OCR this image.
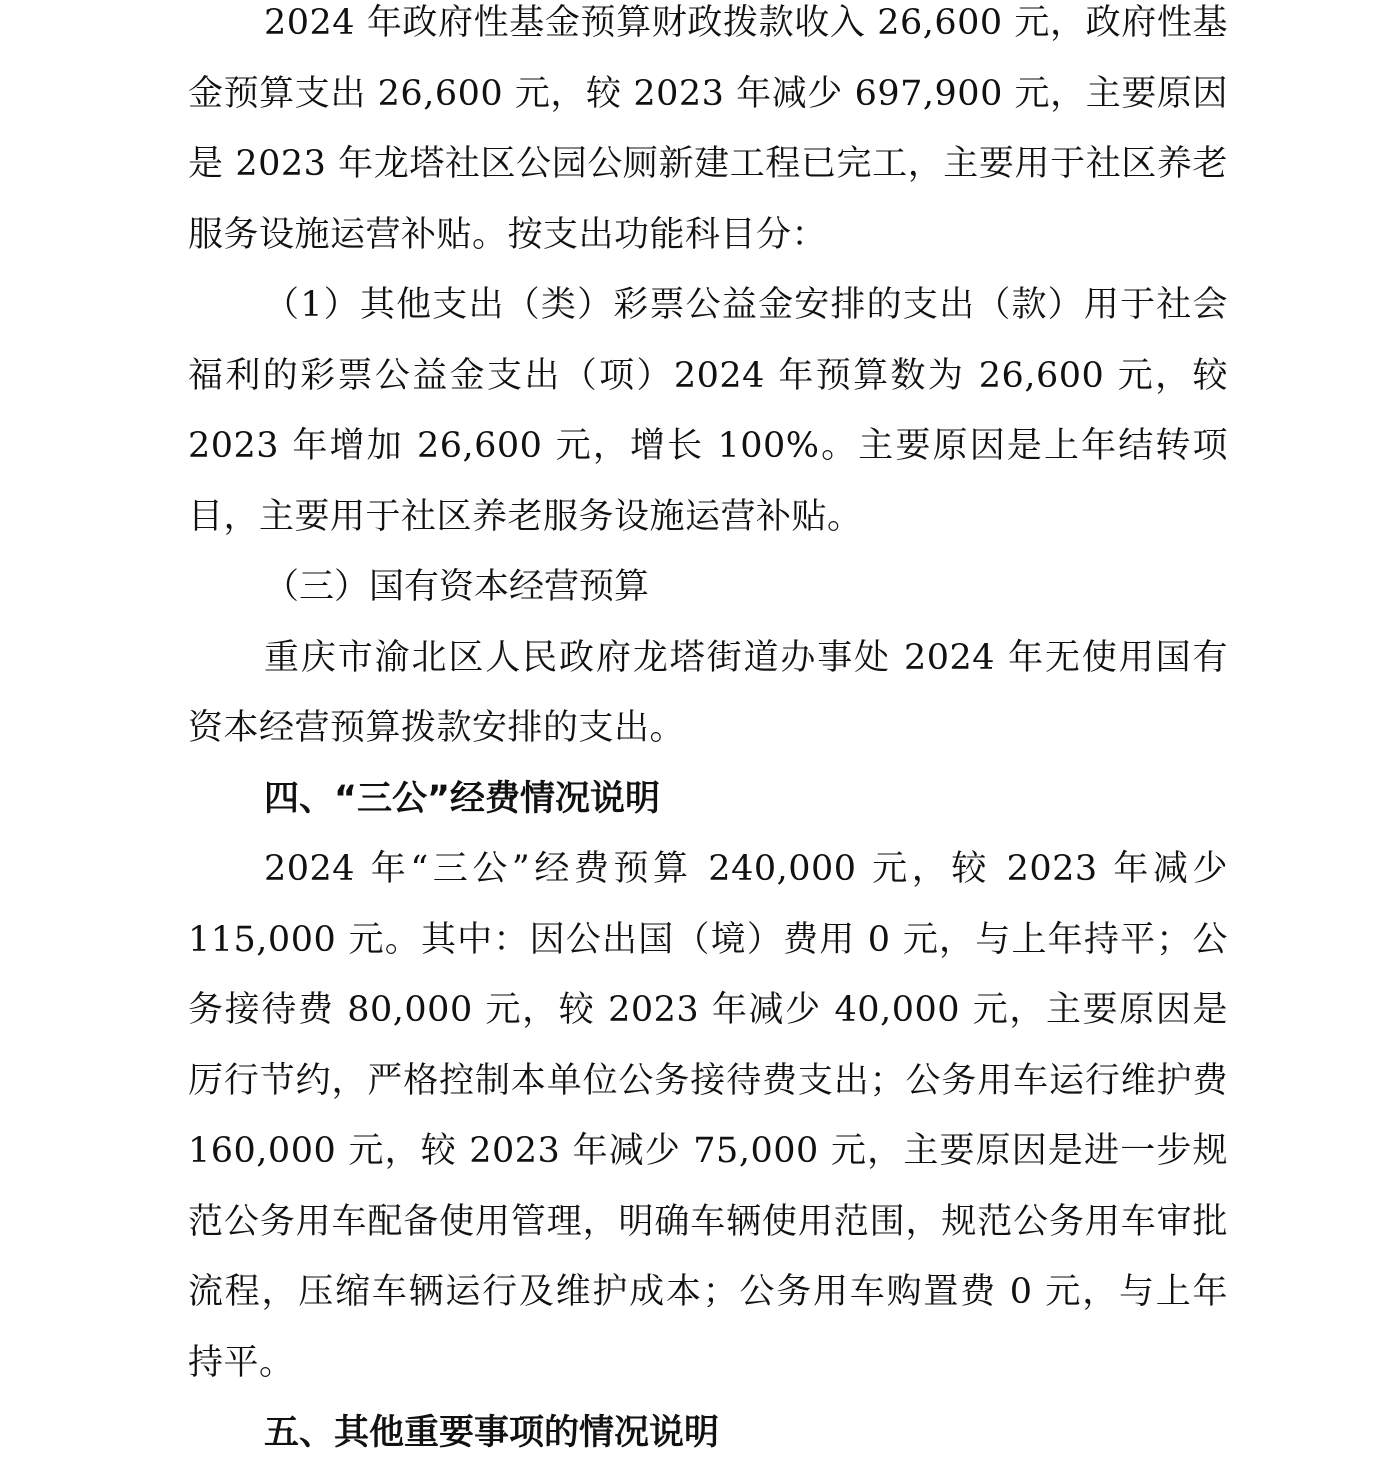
2024 年政府性基金预算财政拨款收入 26,600 元，政府性基金预算支出 26,600 元，较 2023 年减少 697,900 元，主要原因是 2023 年龙塔社区公园公厕新建工程已完工，主要用于社区养老服务设施运营补贴。按支出功能科目分：

（1）其他支出（类）彩票公益金安排的支出（款）用于社会福利的彩票公益金支出（项）2024 年预算数为 26,600 元，较 2023 年增加 26,600 元，增长 100%。主要原因是上年结转项目，主要用于社区养老服务设施运营补贴。

（三）国有资本经营预算

重庆市渝北区人民政府龙塔街道办事处 2024 年无使用国有资本经营预算拨款安排的支出。

四、“三公”经费情况说明

2024 年“三公”经费预算 240,000 元，较 2023 年减少 115,000 元。其中：因公出国（境）费用 0 元，与上年持平；公务接待费 80,000 元，较 2023 年减少 40,000 元，主要原因是厉行节约，严格控制本单位公务接待费支出；公务用车运行维护费 160,000 元，较 2023 年减少 75,000 元，主要原因是进一步规范公务用车配备使用管理，明确车辆使用范围，规范公务用车审批流程，压缩车辆运行及维护成本；公务用车购置费 0 元，与上年持平。

五、其他重要事项的情况说明
